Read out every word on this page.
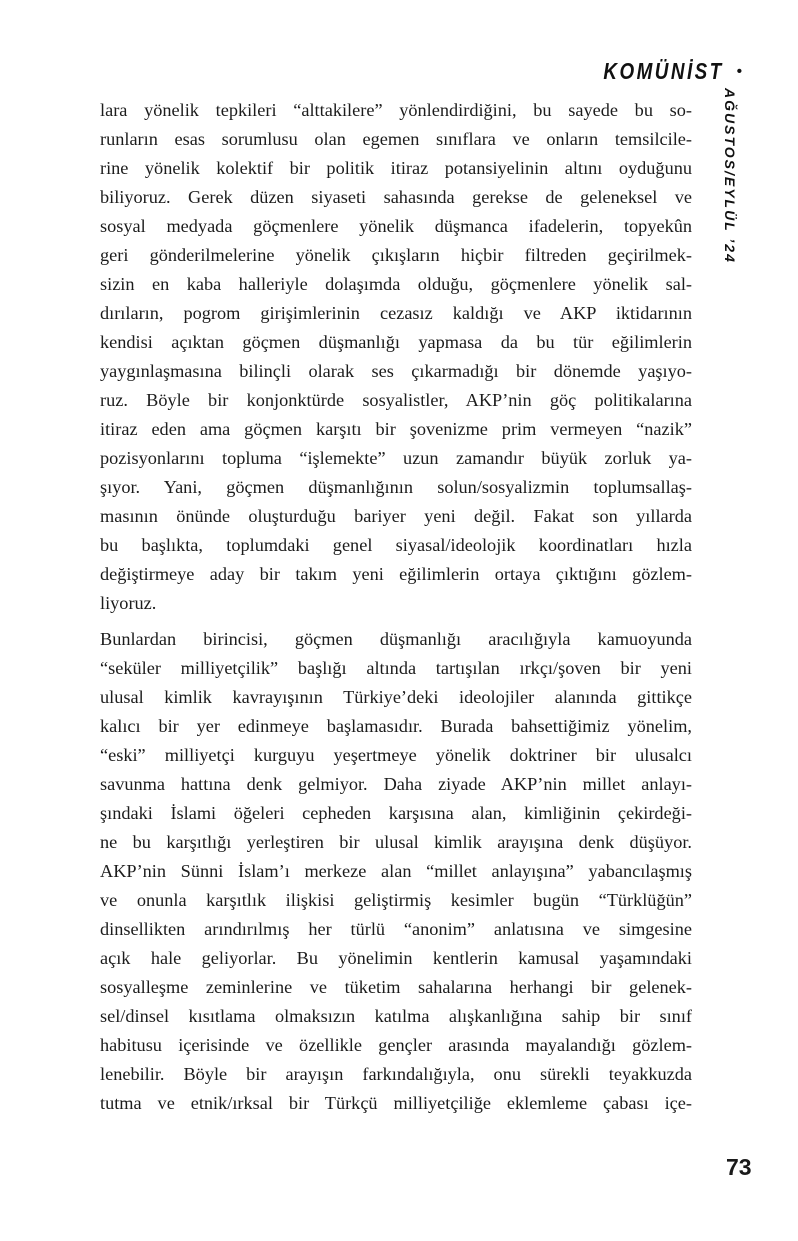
KOMÜNİST •
AĞUSTOS/EYLÜL ’24
lara yönelik tepkileri “alttakilere” yönlendirdiğini, bu sayede bu so-
runların esas sorumlusu olan egemen sınıflara ve onların temsilcile-
rine yönelik kolektif bir politik itiraz potansiyelinin altını oyduğunu
biliyoruz. Gerek düzen siyaseti sahasında gerekse de geleneksel ve
sosyal medyada göçmenlere yönelik düşmanca ifadelerin, topyekûn
geri gönderilmelerine yönelik çıkışların hiçbir filtreden geçirilmek-
sizin en kaba halleriyle dolaşımda olduğu, göçmenlere yönelik sal-
dırıların, pogrom girişimlerinin cezasız kaldığı ve AKP iktidarının
kendisi açıktan göçmen düşmanlığı yapmasa da bu tür eğilimlerin
yaygınlaşmasına bilinçli olarak ses çıkarmadığı bir dönemde yaşıyo-
ruz. Böyle bir konjonktürde sosyalistler, AKP’nin göç politikalarına
itiraz eden ama göçmen karşıtı bir şovenizme prim vermeyen “nazik”
pozisyonlarını topluma “işlemekte” uzun zamandır büyük zorluk ya-
şıyor. Yani, göçmen düşmanlığının solun/sosyalizmin toplumsallaş-
masının önünde oluşturduğu bariyer yeni değil. Fakat son yıllarda
bu başlıkta, toplumdaki genel siyasal/ideolojik koordinatları hızla
değiştirmeye aday bir takım yeni eğilimlerin ortaya çıktığını gözlem-
liyoruz.
Bunlardan birincisi, göçmen düşmanlığı aracılığıyla kamuoyunda
“seküler milliyetçilik” başlığı altında tartışılan ırkçı/şoven bir yeni
ulusal kimlik kavrayışının Türkiye’deki ideolojiler alanında gittikçe
kalıcı bir yer edinmeye başlamasıdır. Burada bahsettiğimiz yönelim,
“eski” milliyetçi kurguyu yeşertmeye yönelik doktriner bir ulusalcı
savunma hattına denk gelmiyor. Daha ziyade AKP’nin millet anlayı-
şındaki İslami öğeleri cepheden karşısına alan, kimliğinin çekirdeği-
ne bu karşıtlığı yerleştiren bir ulusal kimlik arayışına denk düşüyor.
AKP’nin Sünni İslam’ı merkeze alan “millet anlayışına” yabancılaşmış
ve onunla karşıtlık ilişkisi geliştirmiş kesimler bugün “Türklüğün”
dinsellikten arındırılmış her türlü “anonim” anlatısına ve simgesine
açık hale geliyorlar. Bu yönelimin kentlerin kamusal yaşamındaki
sosyalleşme zeminlerine ve tüketim sahalarına herhangi bir gelenek-
sel/dinsel kısıtlama olmaksızın katılma alışkanlığına sahip bir sınıf
habitusu içerisinde ve özellikle gençler arasında mayalandığı gözlem-
lenebilir. Böyle bir arayışın farkındalığıyla, onu sürekli teyakkuzda
tutma ve etnik/ırksal bir Türkçü milliyetçiliğe eklemleme çabası içe-
73
